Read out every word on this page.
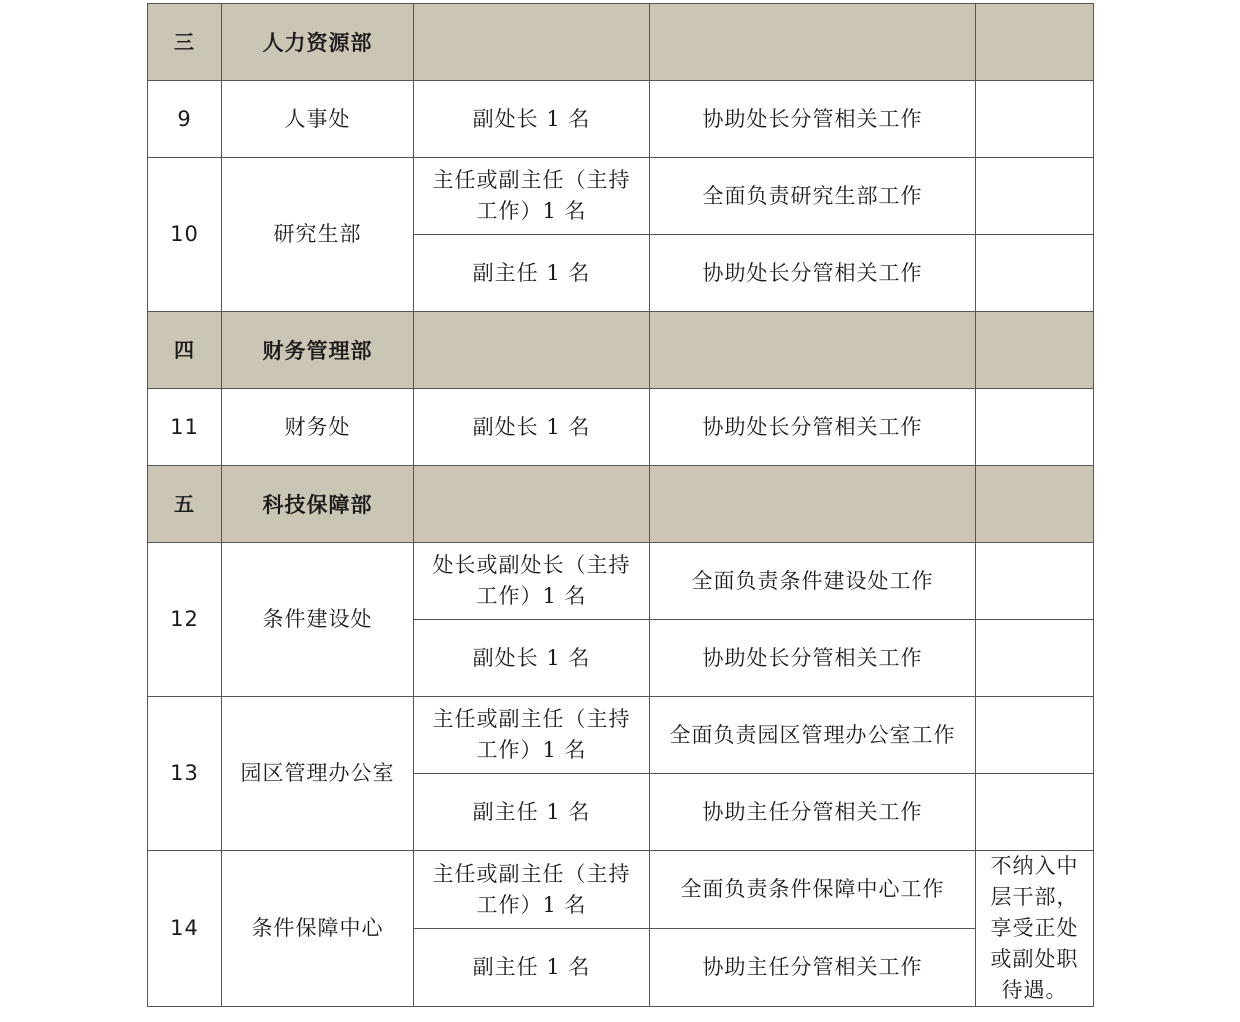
三	人力资源部			
9	人事处	副处长 1 名	协助处长分管相关工作	
10	研究生部	主任或副主任（主持工作）1 名	全面负责研究生部工作	
		副主任 1 名	协助处长分管相关工作	
四	财务管理部			
11	财务处	副处长 1 名	协助处长分管相关工作	
五	科技保障部			
12	条件建设处	处长或副处长（主持工作）1 名	全面负责条件建设处工作	
		副处长 1 名	协助处长分管相关工作	
13	园区管理办公室	主任或副主任（主持工作）1 名	全面负责园区管理办公室工作	
		副主任 1 名	协助主任分管相关工作	
14	条件保障中心	主任或副主任（主持工作）1 名	全面负责条件保障中心工作	不纳入中层干部，享受正处或副处职待遇。
		副主任 1 名	协助主任分管相关工作	
